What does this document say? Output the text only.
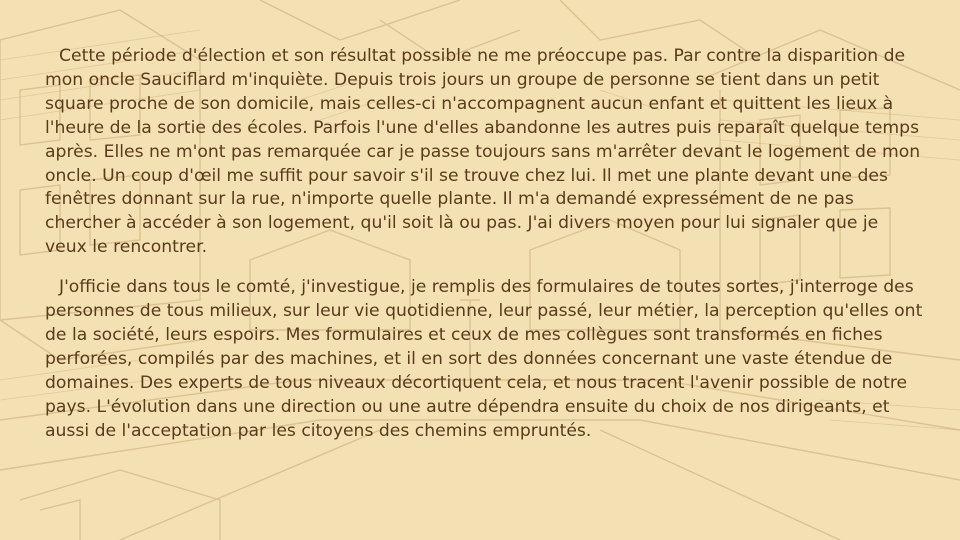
Cette période d'élection et son résultat possible ne me préoccupe pas. Par contre la disparition de mon oncle Sauciflard m'inquiète. Depuis trois jours un groupe de personne se tient dans un petit square proche de son domicile, mais celles-ci n'accompagnent aucun enfant et quittent les lieux à l'heure de la sortie des écoles. Parfois l'une d'elles abandonne les autres puis reparaît quelque temps après. Elles ne m'ont pas remarquée car je passe toujours sans m'arrêter devant le logement de mon oncle. Un coup d'œil me suffit pour savoir s'il se trouve chez lui. Il met une plante devant une des fenêtres donnant sur la rue, n'importe quelle plante. Il m'a demandé expressément de ne pas chercher à accéder à son logement, qu'il soit là ou pas. J'ai divers moyen pour lui signaler que je veux le rencontrer.

J'officie dans tous le comté, j'investigue, je remplis des formulaires de toutes sortes, j'interroge des personnes de tous milieux, sur leur vie quotidienne, leur passé, leur métier, la perception qu'elles ont de la société, leurs espoirs. Mes formulaires et ceux de mes collègues sont transformés en fiches perforées, compilés par des machines, et il en sort des données concernant une vaste étendue de domaines. Des experts de tous niveaux décortiquent cela, et nous tracent l'avenir possible de notre pays. L'évolution dans une direction ou une autre dépendra ensuite du choix de nos dirigeants, et aussi de l'acceptation par les citoyens des chemins empruntés.
